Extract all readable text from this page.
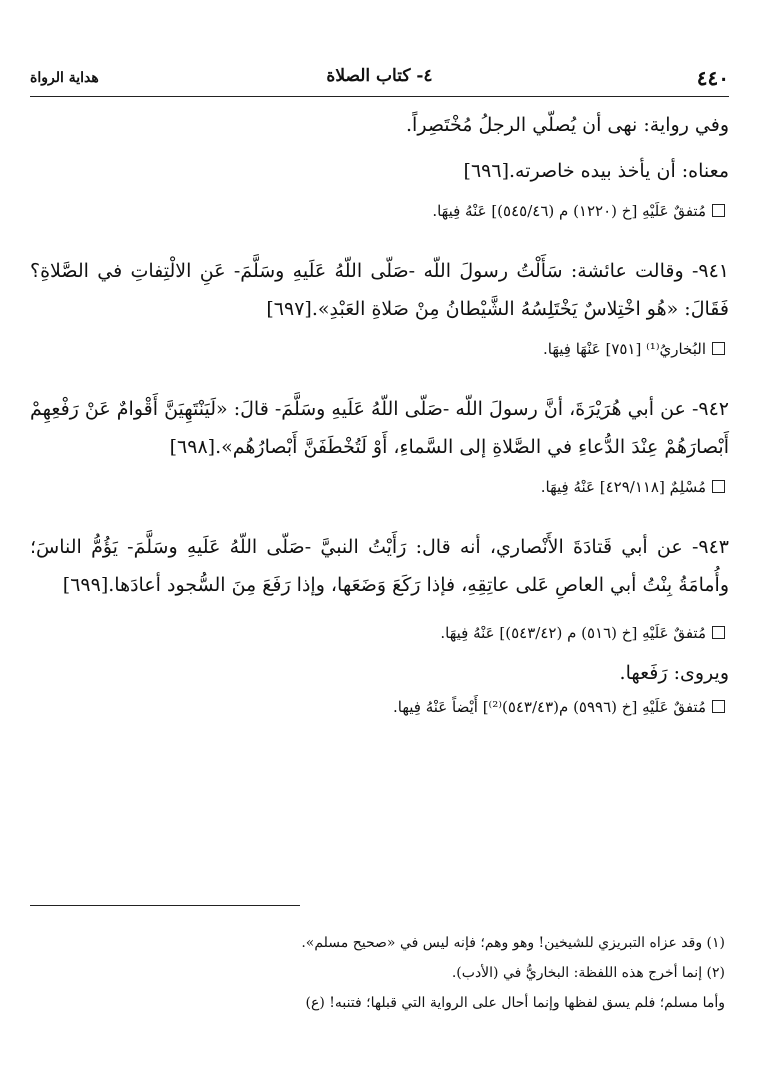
٤٤٠
٤- كتاب الصلاة
هداية الرواة

وفي رواية: نهى أن يُصلّي الرجلُ مُخْتَصِراً.

معناه: أن يأخذ بيده خاصرته.[٦٩٦]

مُتفقٌ عَلَيْهِ [خ (١٢٢٠) م (٥٤٥/٤٦)] عَنْهُ فِيهَا.

٩٤١- وقالت عائشة: سَأَلْتُ رسولَ اللّه -صَلّى اللّهُ عَلَيهِ وسَلَّمَ- عَنِ الالْتِفاتِ في الصَّلاةِ؟ فَقَالَ: «هُو اخْتِلاسٌ يَخْتَلِسُهُ الشَّيْطانُ مِنْ صَلاةِ العَبْدِ».[٦٩٧]

البُخاريُ⁽¹⁾ [٧٥١] عَنْهَا فِيهَا.

٩٤٢- عن أبي هُرَيْرَةَ، أنَّ رسولَ اللّه -صَلّى اللّهُ عَلَيهِ وسَلَّمَ- قالَ: «لَيَنْتَهِيَنَّ أَقْوامٌ عَنْ رَفْعِهِمْ أَبْصارَهُمْ عِنْدَ الدُّعاءِ في الصَّلاةِ إلى السَّماءِ، أَوْ لَتُخْطَفَنَّ أَبْصارُهُم».[٦٩٨]

مُسْلِمٌ [٤٢٩/١١٨] عَنْهُ فِيهَا.

٩٤٣- عن أبي قَتادَةَ الأَنْصاري، أنه قال: رَأَيْتُ النبيَّ -صَلّى اللّهُ عَلَيهِ وسَلَّمَ- يَؤُمُّ الناسَ؛ وأُمامَةُ بِنْتُ أبي العاصِ عَلى عاتِقِهِ، فإذا رَكَعَ وَضَعَها، وإذا رَفَعَ مِنَ السُّجود أعادَها.[٦٩٩]

مُتفقٌ عَلَيْهِ [خ (٥١٦) م (٥٤٣/٤٢)] عَنْهُ فِيهَا.

ويروى: رَفَعها.

مُتفقٌ عَلَيْهِ [خ (٥٩٩٦) م(٥٤٣/٤٣)⁽²⁾] أَيْضاً عَنْهُ فِيها.

(١) وقد عزاه التبريزي للشيخين! وهو وهم؛ فإنه ليس في «صحيح مسلم».

(٢) إنما أخرج هذه اللفظة: البخاريُّ في (الأدب).

وأما مسلم؛ فلم يسق لفظها وإنما أحال على الرواية التي قبلها؛ فتنبه! (ع)
